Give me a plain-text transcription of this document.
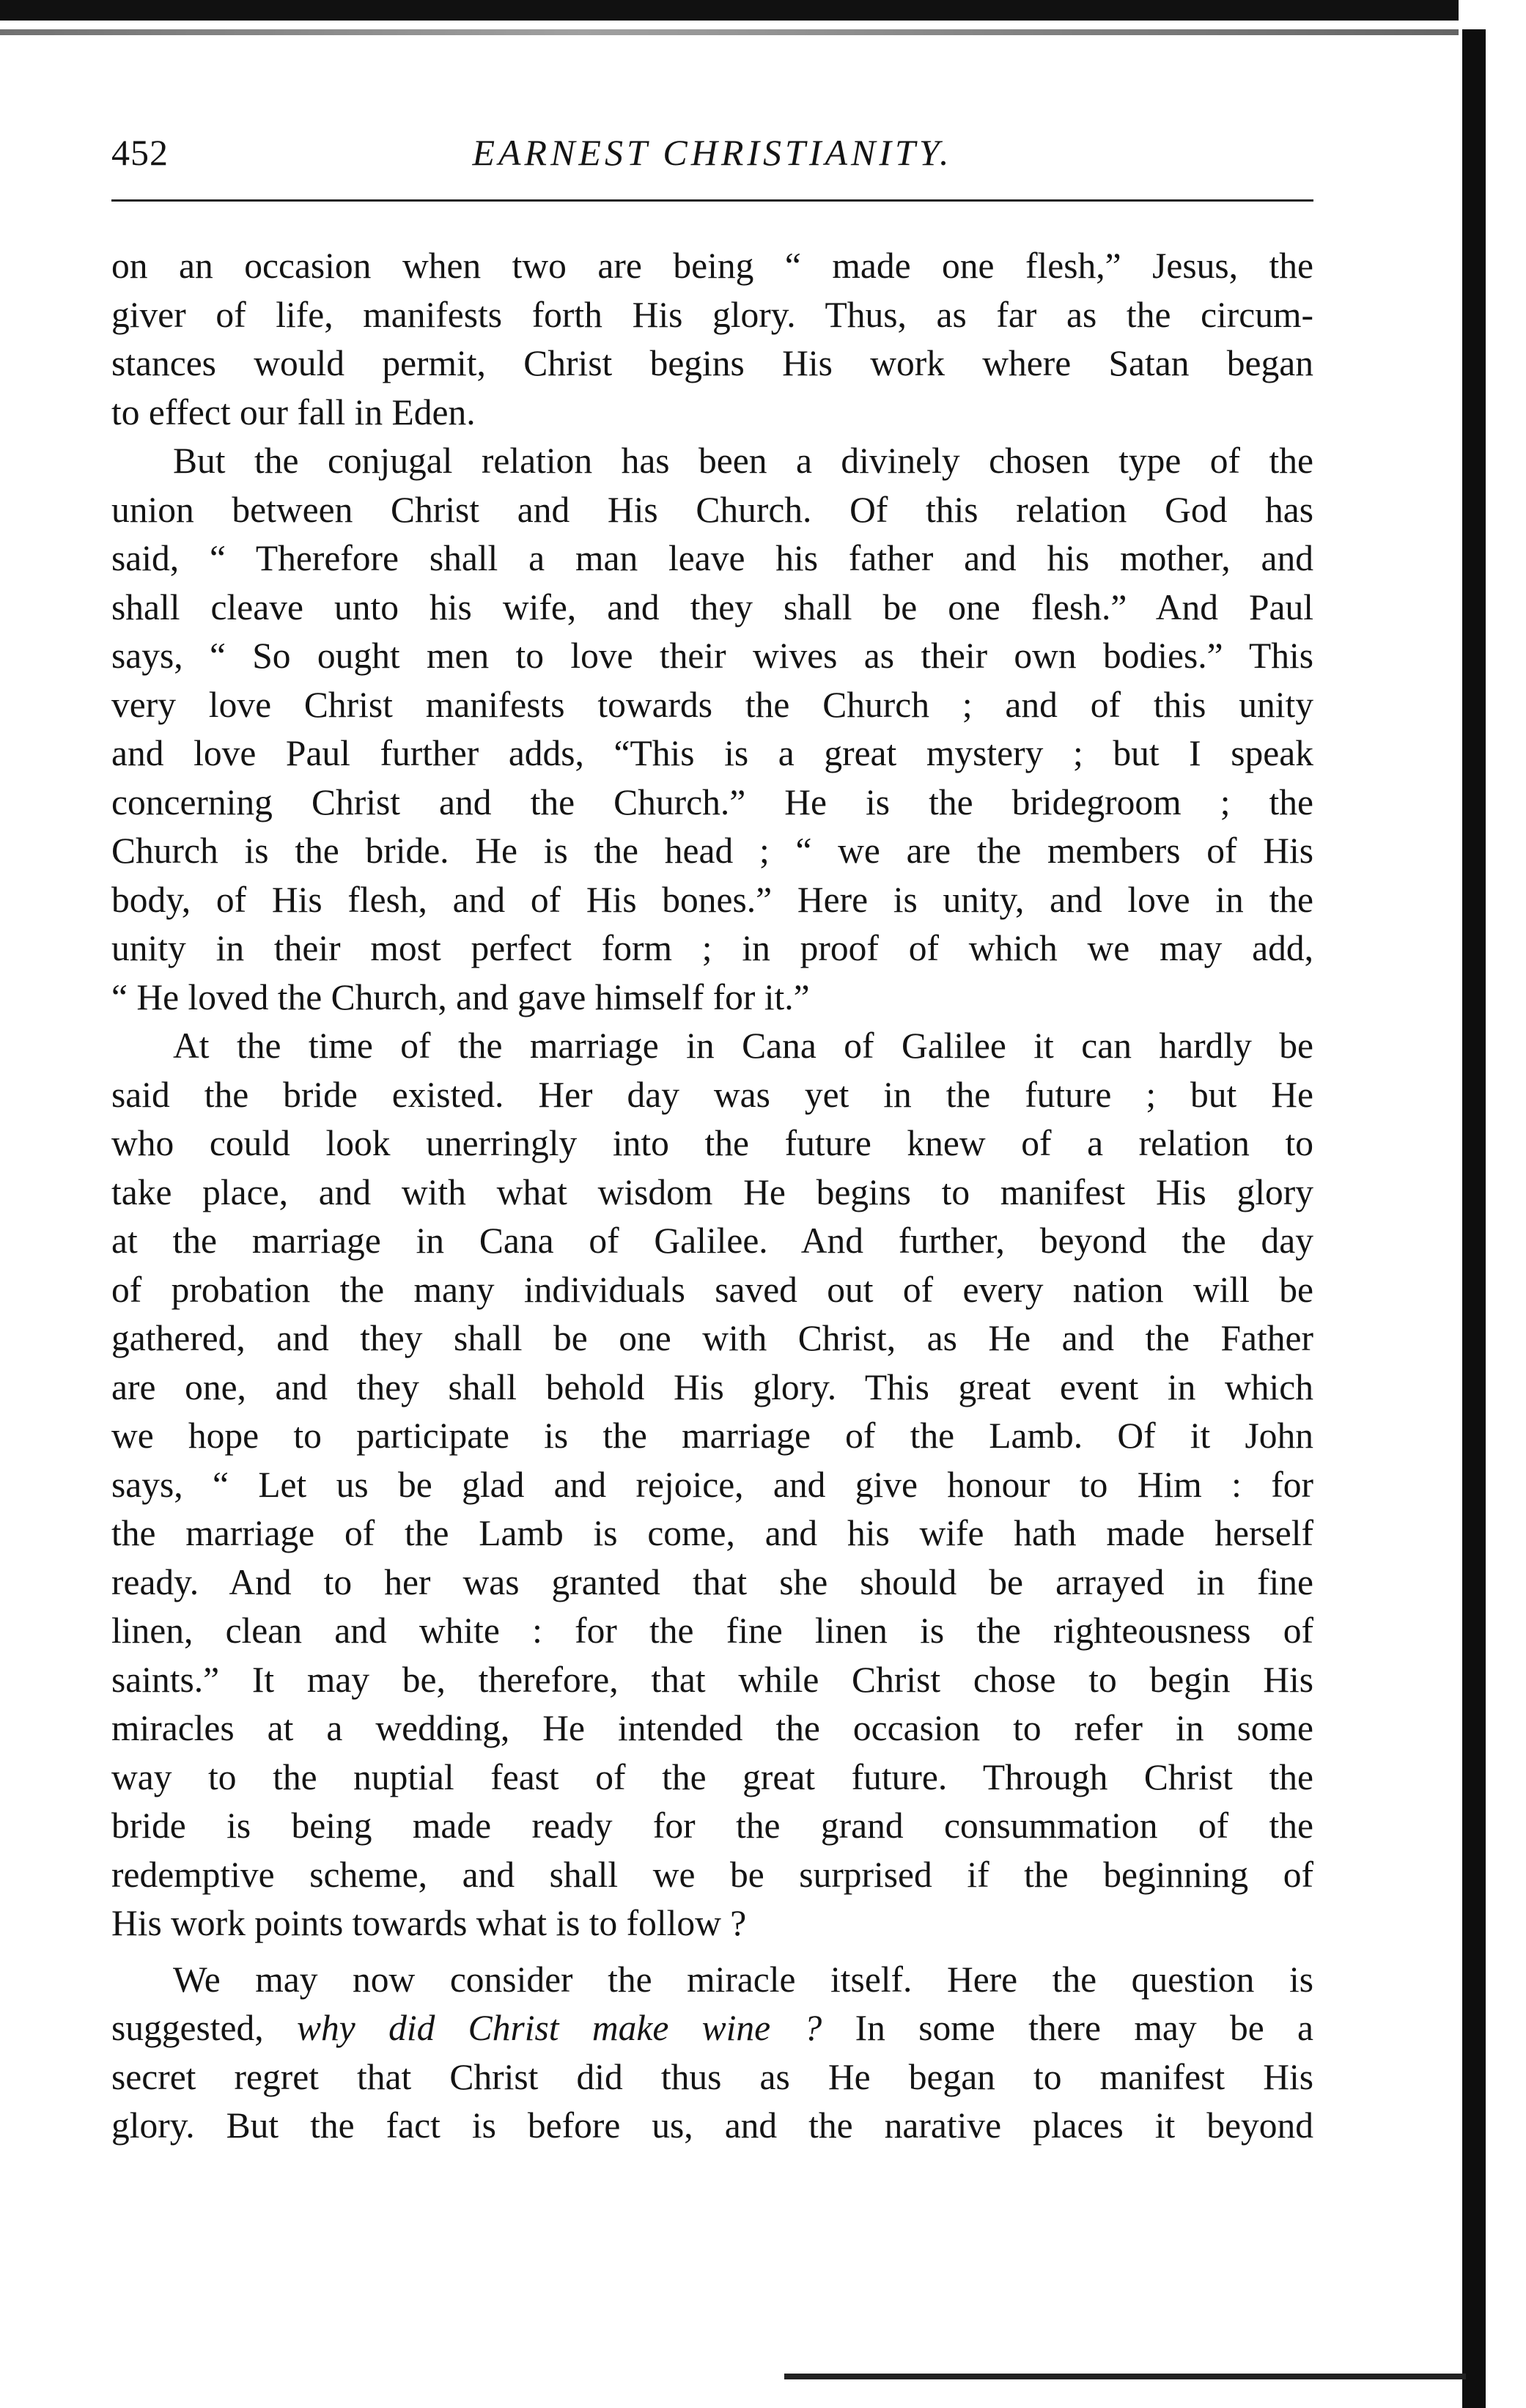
452	EARNEST CHRISTIANITY.

on an occasion when two are being “ made one flesh,” Jesus, the

giver of life, manifests forth His glory. Thus, as far as the circum-

stances would permit, Christ begins His work where Satan began

to effect our fall in Eden.

But the conjugal relation has been a divinely chosen type of the

union between Christ and His Church. Of this relation God has

said, “ Therefore shall a man leave his father and his mother, and

shall cleave unto his wife, and they shall be one flesh.” And Paul

says, “ So ought men to love their wives as their own bodies.” This

very love Christ manifests towards the Church ; and of this unity

and love Paul further adds, “This is a great mystery ; but I speak

concerning Christ and the Church.” He is the bridegroom ; the

Church is the bride. He is the head ; “ we are the members of His

body, of His flesh, and of His bones.” Here is unity, and love in the

unity in their most perfect form ; in proof of which we may add,

“ He loved the Church, and gave himself for it.”

At the time of the marriage in Cana of Galilee it can hardly be

said the bride existed. Her day was yet in the future ; but He

who could look unerringly into the future knew of a relation to

take place, and with what wisdom He begins to manifest His glory

at the marriage in Cana of Galilee. And further, beyond the day

of probation the many individuals saved out of every nation will be

gathered, and they shall be one with Christ, as He and the Father

are one, and they shall behold His glory. This great event in which

we hope to participate is the marriage of the Lamb. Of it John

says, “ Let us be glad and rejoice, and give honour to Him : for

the marriage of the Lamb is come, and his wife hath made herself

ready. And to her was granted that she should be arrayed in fine

linen, clean and white : for the fine linen is the righteousness of

saints.” It may be, therefore, that while Christ chose to begin His

miracles at a wedding, He intended the occasion to refer in some

way to the nuptial feast of the great future. Through Christ the

bride is being made ready for the grand consummation of the

redemptive scheme, and shall we be surprised if the beginning of

His work points towards what is to follow ?

We may now consider the miracle itself. Here the question is

suggested, why did Christ make wine ? In some there may be a

secret regret that Christ did thus as He began to manifest His

glory. But the fact is before us, and the narative places it beyond
